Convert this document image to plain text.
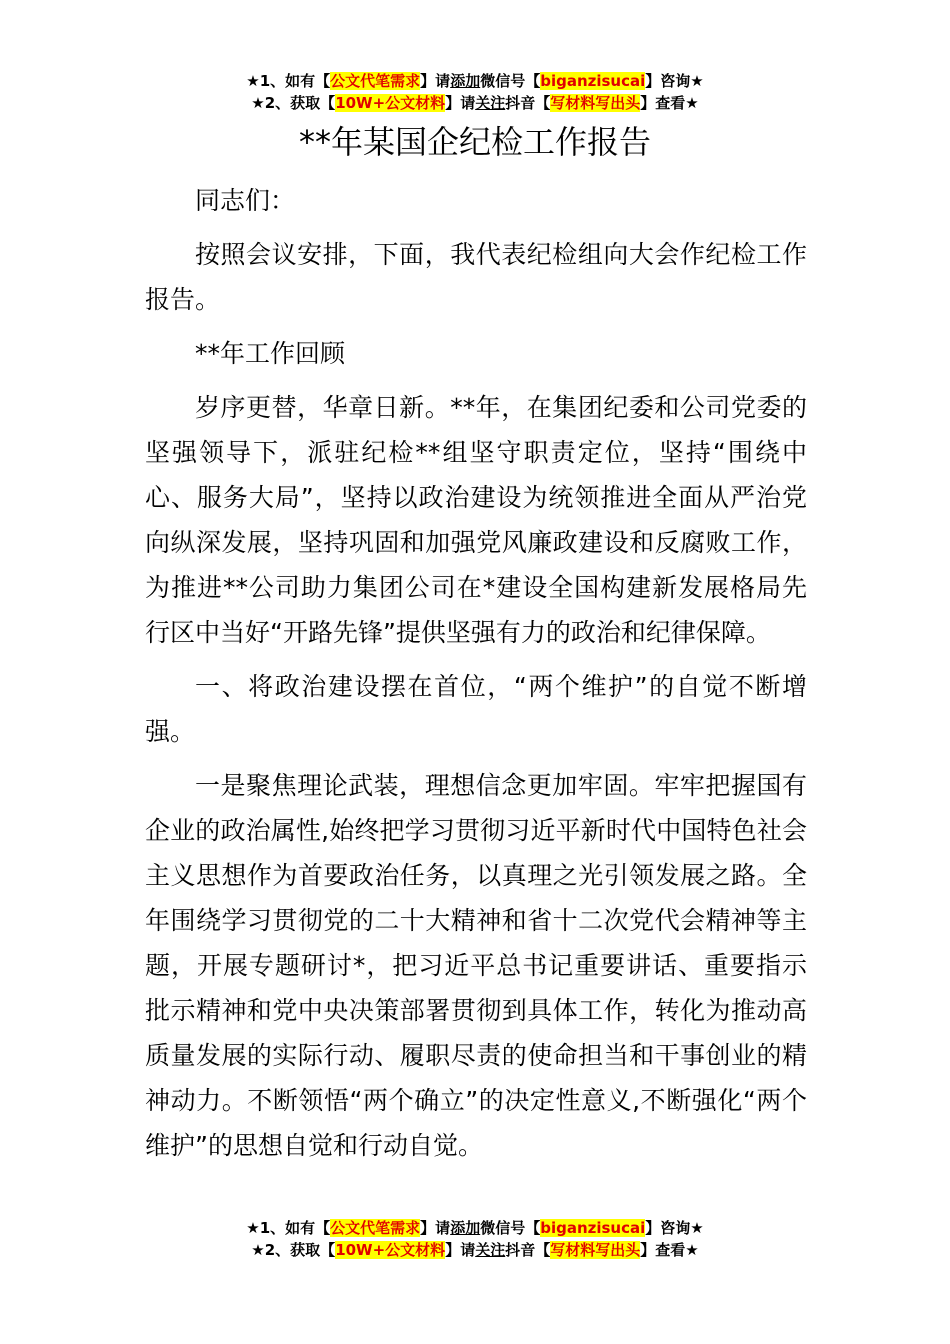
★1、如有【公文代笔需求】请添加微信号【biganzisucai】咨询★
★2、获取【10W+公文材料】请关注抖音【写材料写出头】查看★
**年某国企纪检工作报告

同志们：

按照会议安排，下面，我代表纪检组向大会作纪检工作报告。

**年工作回顾

岁序更替，华章日新。**年，在集团纪委和公司党委的坚强领导下，派驻纪检**组坚守职责定位，坚持“围绕中心、服务大局”，坚持以政治建设为统领推进全面从严治党向纵深发展，坚持巩固和加强党风廉政建设和反腐败工作，为推进**公司助力集团公司在*建设全国构建新发展格局先行区中当好“开路先锋”提供坚强有力的政治和纪律保障。

一、将政治建设摆在首位，“两个维护”的自觉不断增强。

一是聚焦理论武装，理想信念更加牢固。牢牢把握国有企业的政治属性,始终把学习贯彻习近平新时代中国特色社会主义思想作为首要政治任务，以真理之光引领发展之路。全年围绕学习贯彻党的二十大精神和省十二次党代会精神等主题，开展专题研讨*，把习近平总书记重要讲话、重要指示批示精神和党中央决策部署贯彻到具体工作，转化为推动高质量发展的实际行动、履职尽责的使命担当和干事创业的精神动力。不断领悟“两个确立”的决定性意义,不断强化“两个维护”的思想自觉和行动自觉。

★1、如有【公文代笔需求】请添加微信号【biganzisucai】咨询★
★2、获取【10W+公文材料】请关注抖音【写材料写出头】查看★
